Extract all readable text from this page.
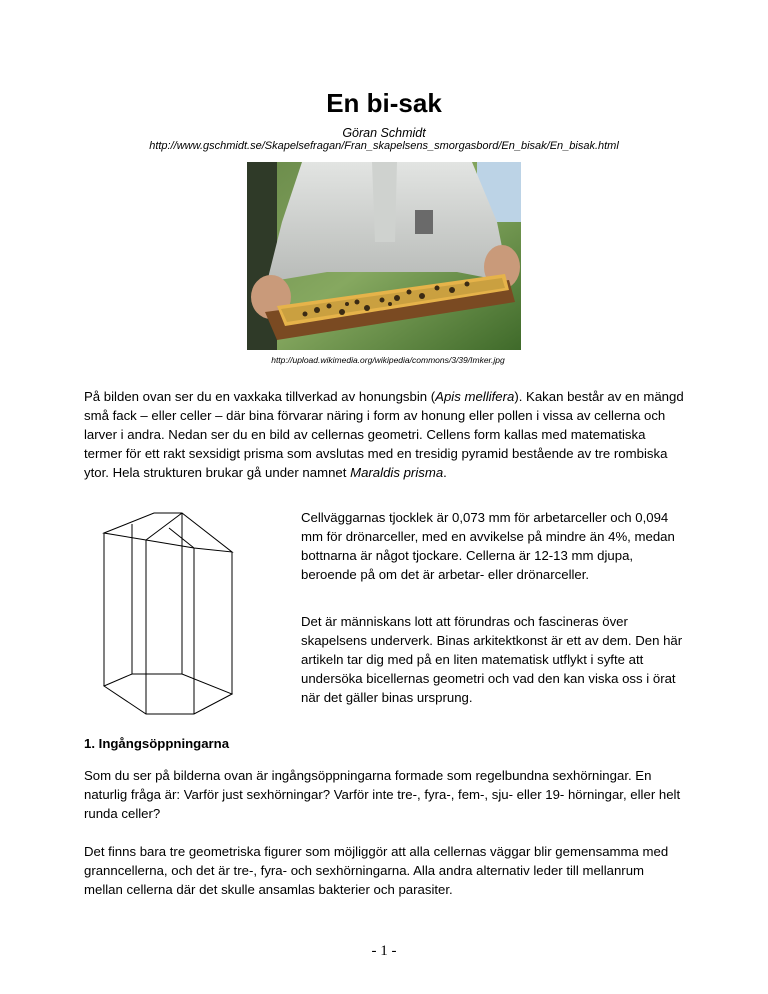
En bi-sak
Göran Schmidt
http://www.gschmidt.se/Skapelsefragan/Fran_skapelsens_smorgasbord/En_bisak/En_bisak.html
http://upload.wikimedia.org/wikipedia/commons/3/39/Imker.jpg
På bilden ovan ser du en vaxkaka tillverkad av honungsbin (Apis mellifera). Kakan består av en mängd små fack – eller celler – där bina förvarar näring i form av honung eller pollen i vissa av cellerna och larver i andra. Nedan ser du en bild av cellernas geometri. Cellens form kallas med matematiska termer för ett rakt sexsidigt prisma som avslutas med en tresidig pyramid bestående av tre rombiska ytor. Hela strukturen brukar gå under namnet Maraldis prisma.
Cellväggarnas tjocklek är 0,073 mm för arbetarceller och 0,094 mm för drönarceller, med en avvikelse på mindre än 4%, medan bottnarna är något tjockare. Cellerna är 12-13 mm djupa, beroende på om det är arbetar- eller drönarceller.
Det är människans lott att förundras och fascineras över skapelsens underverk. Binas arkitektkonst är ett av dem. Den här artikeln tar dig med på en liten matematisk utflykt i syfte att undersöka bicellernas geometri och vad den kan viska oss i örat när det gäller binas ursprung.
1. Ingångsöppningarna
Som du ser på bilderna ovan är ingångsöppningarna formade som regelbundna sexhörningar. En naturlig fråga är: Varför just sexhörningar? Varför inte tre-, fyra-, fem-, sju- eller 19- hörningar, eller helt runda celler?
Det finns bara tre geometriska figurer som möjliggör att alla cellernas väggar blir gemensamma med granncellerna, och det är tre-, fyra- och sexhörningarna. Alla andra alternativ leder till mellanrum mellan cellerna där det skulle ansamlas bakterier och parasiter.
- 1 -
